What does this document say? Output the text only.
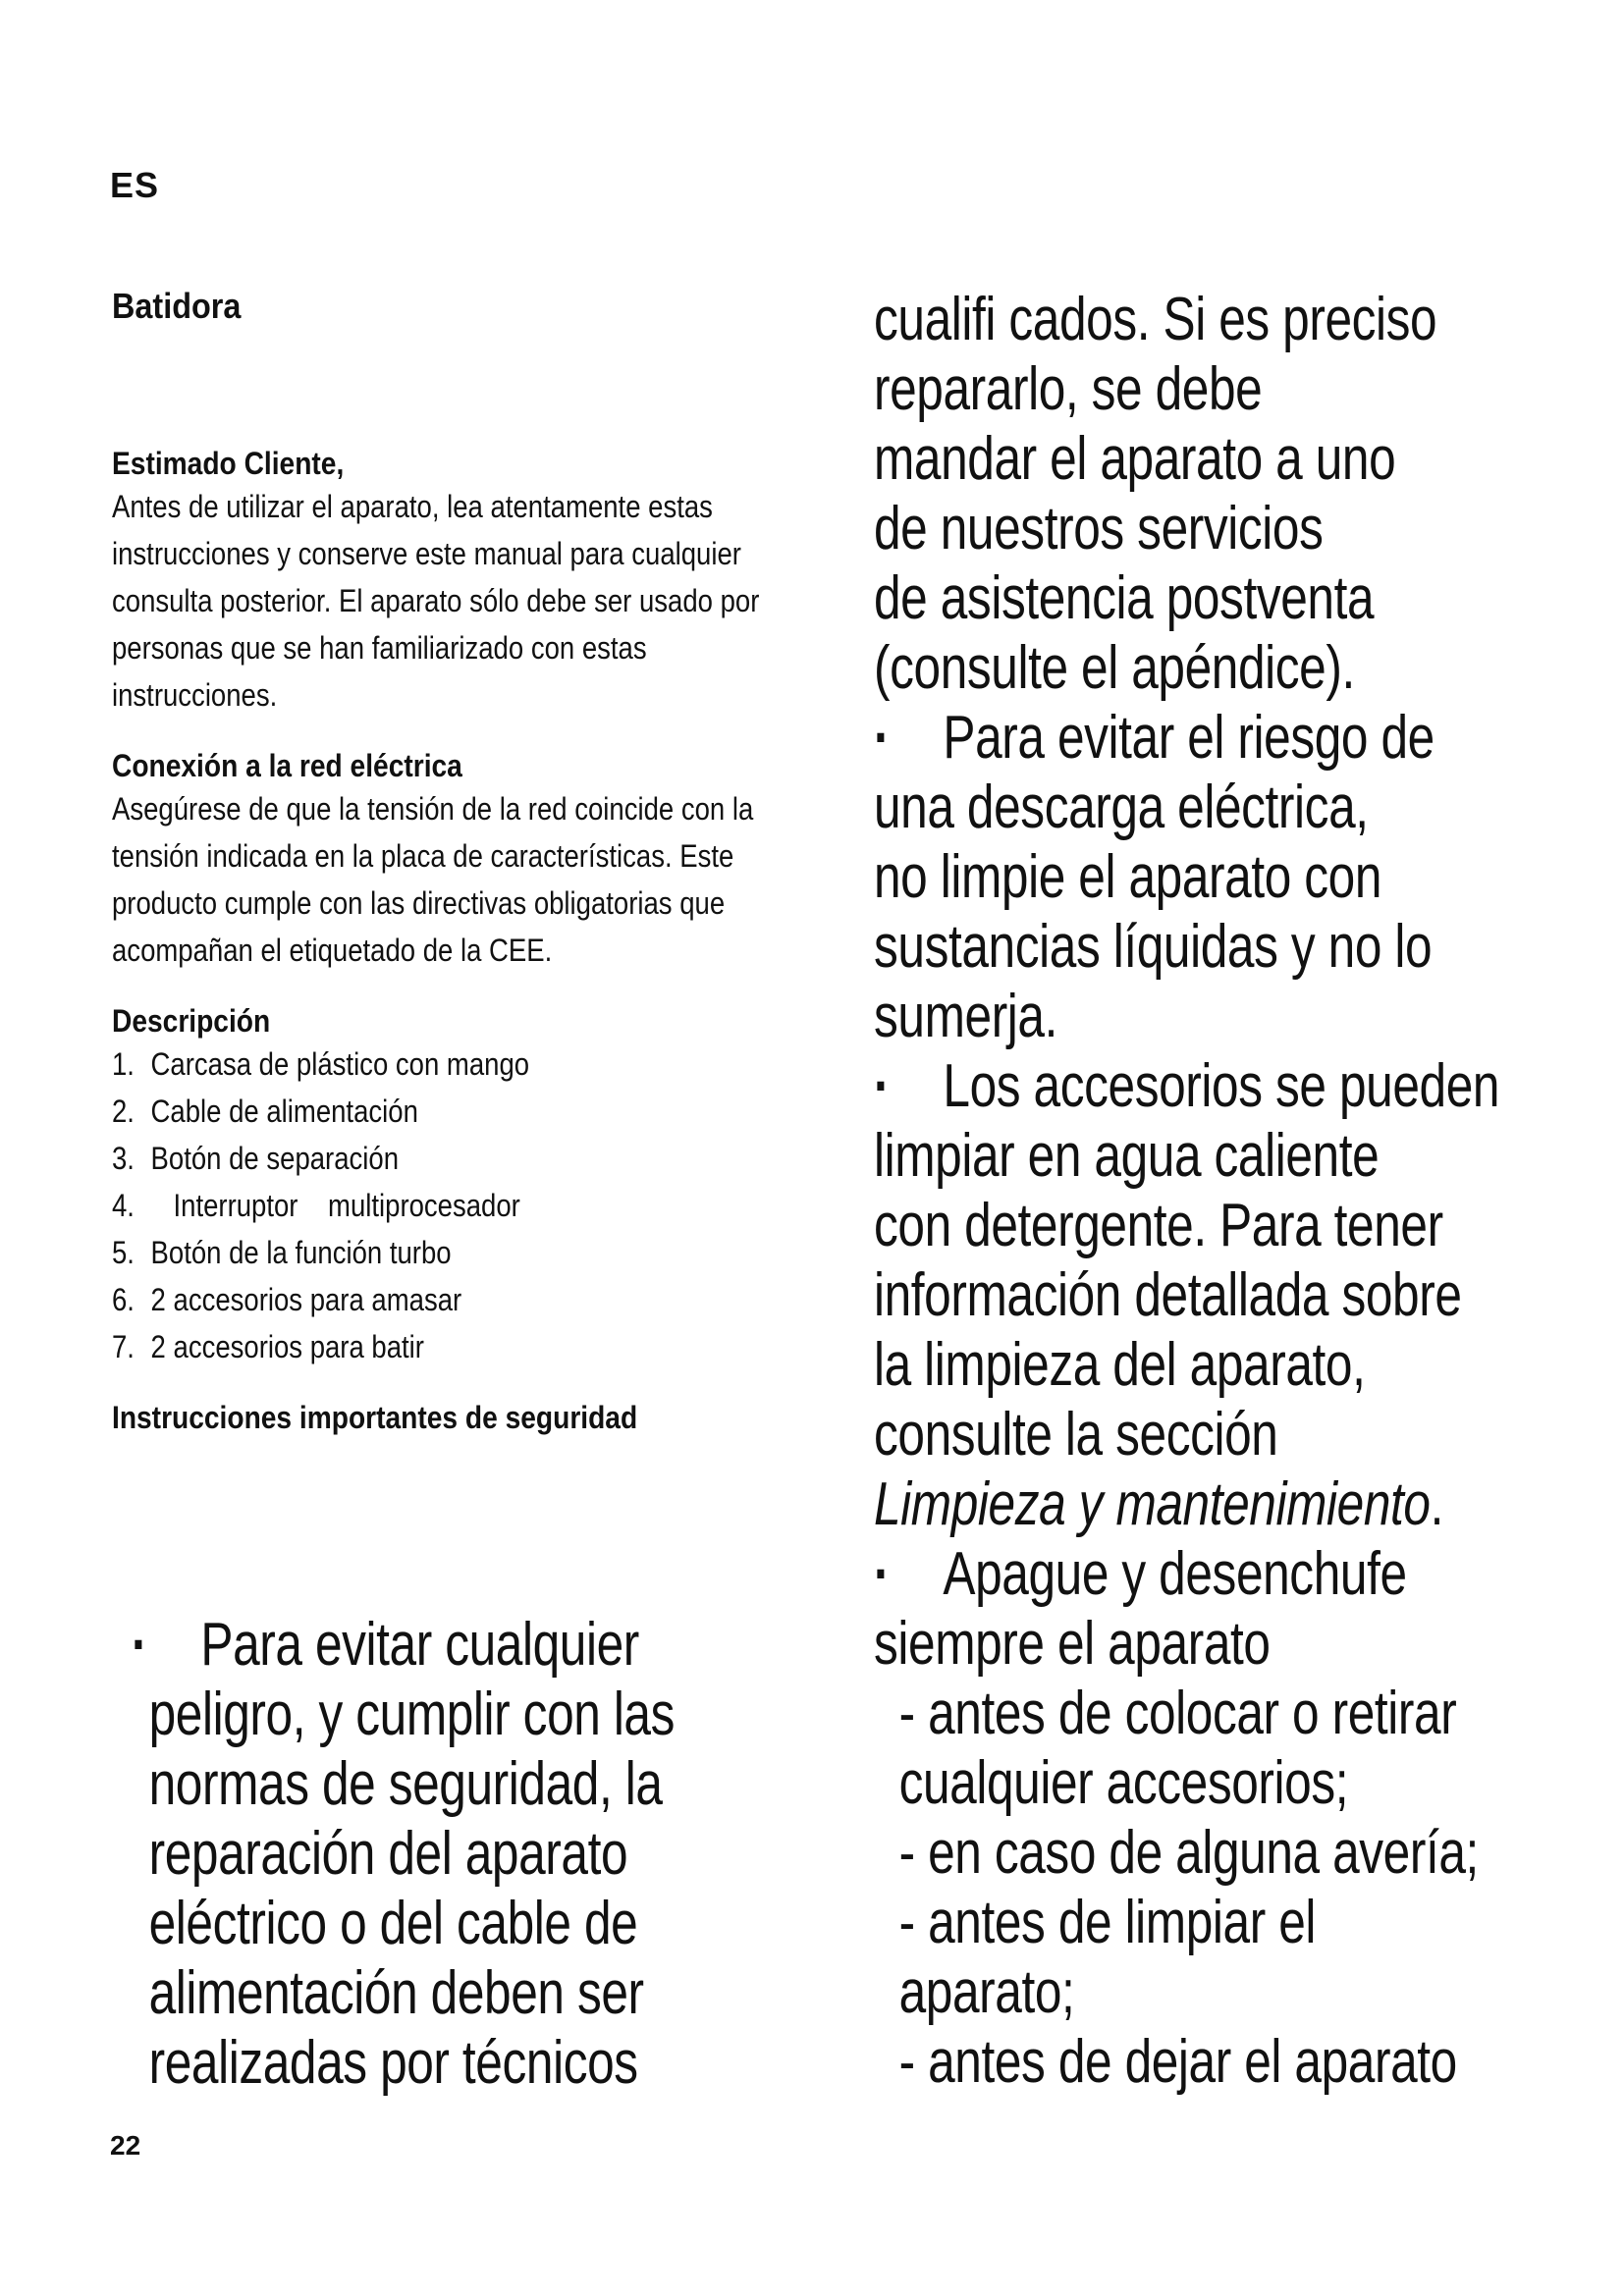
ES
Batidora
Estimado Cliente,
Antes de utilizar el aparato, lea atentamente estas instrucciones y conserve este manual para cualquier consulta posterior. El aparato sólo debe ser usado por personas que se han familiarizado con estas instrucciones.
Conexión a la red eléctrica
Asegúrese de que la tensión de la red coincide con la tensión indicada en la placa de características. Este producto cumple con las directivas obligatorias que acompañan el etiquetado de la CEE.
Descripción
1. Carcasa de plástico con mango
2. Cable de alimentación
3. Botón de separación
4.   Interruptor    multiprocesador
5. Botón de la función turbo
6. 2 accesorios para amasar
7. 2 accesorios para batir
Instrucciones importantes de seguridad
· Para evitar cualquier
peligro, y cumplir con las
normas de seguridad, la
reparación del aparato
eléctrico o del cable de
alimentación deben ser
realizadas por técnicos
cualifi cados. Si es preciso
repararlo, se debe
mandar el aparato a uno
de nuestros servicios
de asistencia postventa
(consulte el apéndice).
· Para evitar el riesgo de
una descarga eléctrica,
no limpie el aparato con
sustancias líquidas y no lo
sumerja.
· Los accesorios se pueden
limpiar en agua caliente
con detergente. Para tener
información detallada sobre
la limpieza del aparato,
consulte la sección
Limpieza y mantenimiento.
· Apague y desenchufe
siempre el aparato
- antes de colocar o retirar
cualquier accesorios;
- en caso de alguna avería;
- antes de limpiar el
aparato;
- antes de dejar el aparato
22
